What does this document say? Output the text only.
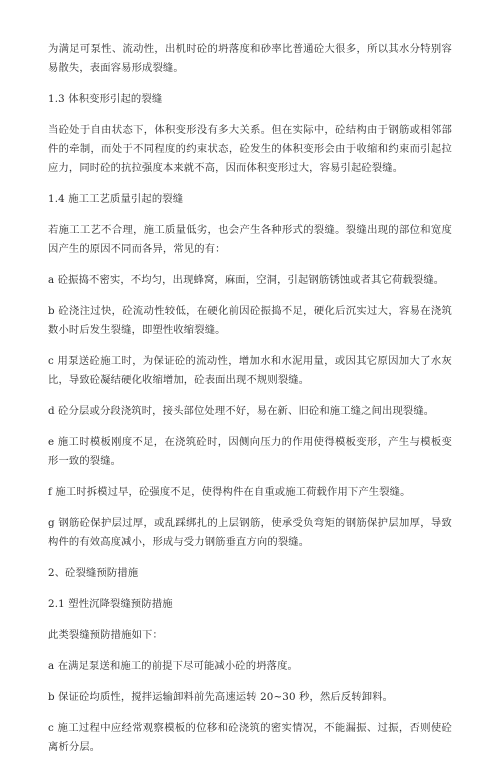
为满足可泵性、流动性，出机时砼的坍落度和砂率比普通砼大很多，所以其水分特别容易散失，表面容易形成裂缝。

1.3 体积变形引起的裂缝

当砼处于自由状态下，体积变形没有多大关系。但在实际中，砼结构由于钢筋或相邻部件的牵制，而处于不同程度的约束状态，砼发生的体积变形会由于收缩和约束而引起拉应力，同时砼的抗拉强度本来就不高，因而体积变形过大，容易引起砼裂缝。

1.4 施工工艺质量引起的裂缝

若施工工艺不合理，施工质量低劣，也会产生各种形式的裂缝。裂缝出现的部位和宽度因产生的原因不同而各异，常见的有：

a 砼振捣不密实，不均匀，出现蜂窝，麻面，空洞，引起钢筋锈蚀或者其它荷载裂缝。

b 砼浇注过快，砼流动性较低，在硬化前因砼振捣不足，硬化后沉实过大，容易在浇筑数小时后发生裂缝，即塑性收缩裂缝。

c 用泵送砼施工时，为保证砼的流动性，增加水和水泥用量，或因其它原因加大了水灰比，导致砼凝结硬化收缩增加，砼表面出现不规则裂缝。

d 砼分层或分段浇筑时，接头部位处理不好，易在新、旧砼和施工缝之间出现裂缝。

e 施工时模板刚度不足，在浇筑砼时，因侧向压力的作用使得模板变形，产生与模板变形一致的裂缝。

f 施工时拆模过早，砼强度不足，使得构件在自重或施工荷载作用下产生裂缝。

g 钢筋砼保护层过厚，或乱踩绑扎的上层钢筋，使承受负弯矩的钢筋保护层加厚，导致构件的有效高度减小，形成与受力钢筋垂直方向的裂缝。

2、砼裂缝预防措施

2.1 塑性沉降裂缝预防措施

此类裂缝预防措施如下：

a 在满足泵送和施工的前提下尽可能减小砼的坍落度。

b 保证砼均质性，搅拌运输卸料前先高速运转 20~30 秒，然后反转卸料。

c 施工过程中应经常观察模板的位移和砼浇筑的密实情况，不能漏振、过振，否则使砼离析分层。
